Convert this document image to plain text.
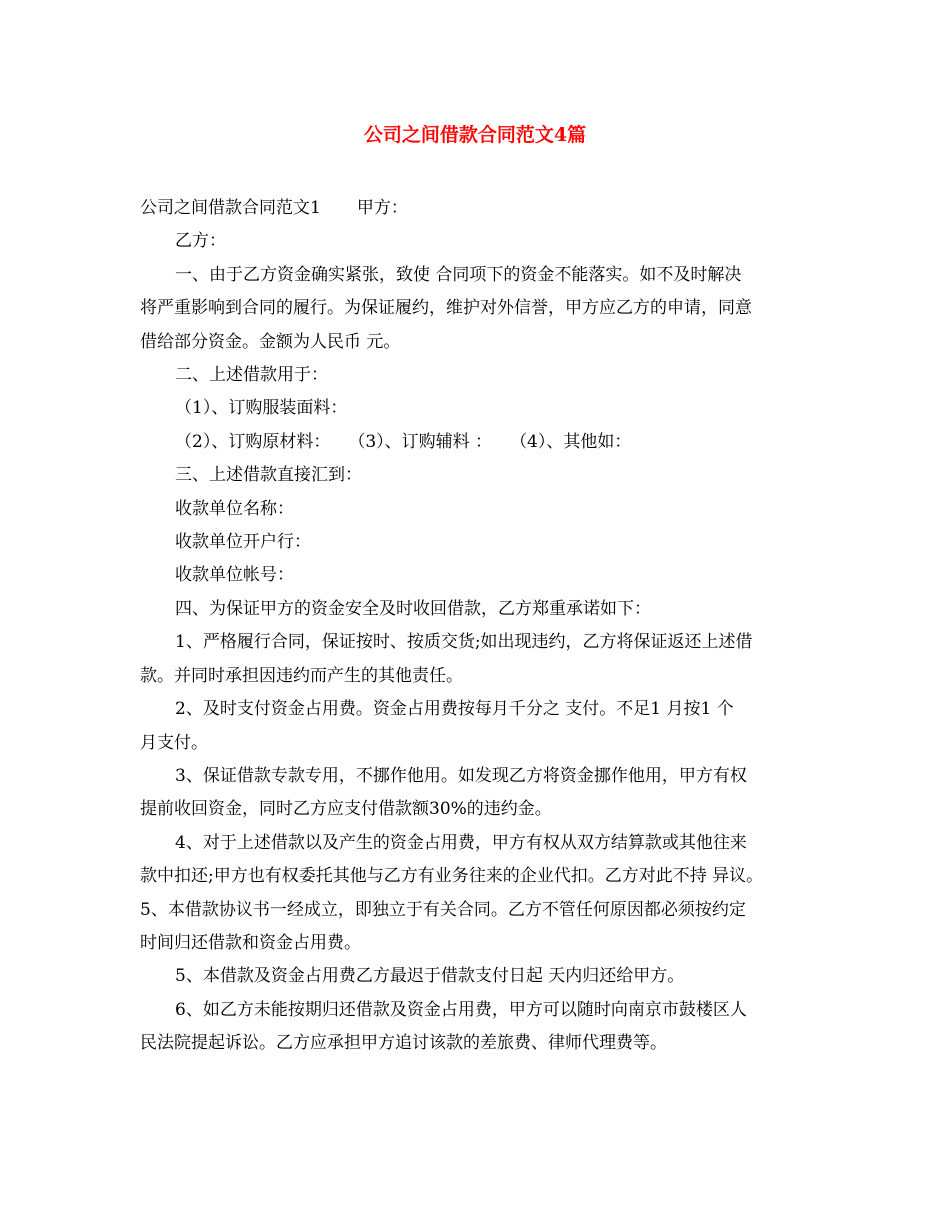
公司之间借款合同范文4篇

公司之间借款合同范文1 甲方：

乙方：

一、由于乙方资金确实紧张，致使 合同项下的资金不能落实。如不及时解决

将严重影响到合同的履行。为保证履约，维护对外信誉，甲方应乙方的申请，同意

借给部分资金。金额为人民币 元。

二、上述借款用于：

（1）、订购服装面料：

（2）、订购原材料： （3）、订购辅料 ： （4）、其他如：

三、上述借款直接汇到：

收款单位名称：

收款单位开户行：

收款单位帐号：

四、为保证甲方的资金安全及时收回借款，乙方郑重承诺如下：

1、严格履行合同，保证按时、按质交货;如出现违约，乙方将保证返还上述借

款。并同时承担因违约而产生的其他责任。

2、及时支付资金占用费。资金占用费按每月千分之 支付。不足1 月按1 个

月支付。

3、保证借款专款专用，不挪作他用。如发现乙方将资金挪作他用，甲方有权

提前收回资金，同时乙方应支付借款额30%的违约金。

4、对于上述借款以及产生的资金占用费，甲方有权从双方结算款或其他往来

款中扣还;甲方也有权委托其他与乙方有业务往来的企业代扣。乙方对此不持 异议。

5、本借款协议书一经成立，即独立于有关合同。乙方不管任何原因都必须按约定

时间归还借款和资金占用费。

5、本借款及资金占用费乙方最迟于借款支付日起 天内归还给甲方。

6、如乙方未能按期归还借款及资金占用费，甲方可以随时向南京市鼓楼区人

民法院提起诉讼。乙方应承担甲方追讨该款的差旅费、律师代理费等。
